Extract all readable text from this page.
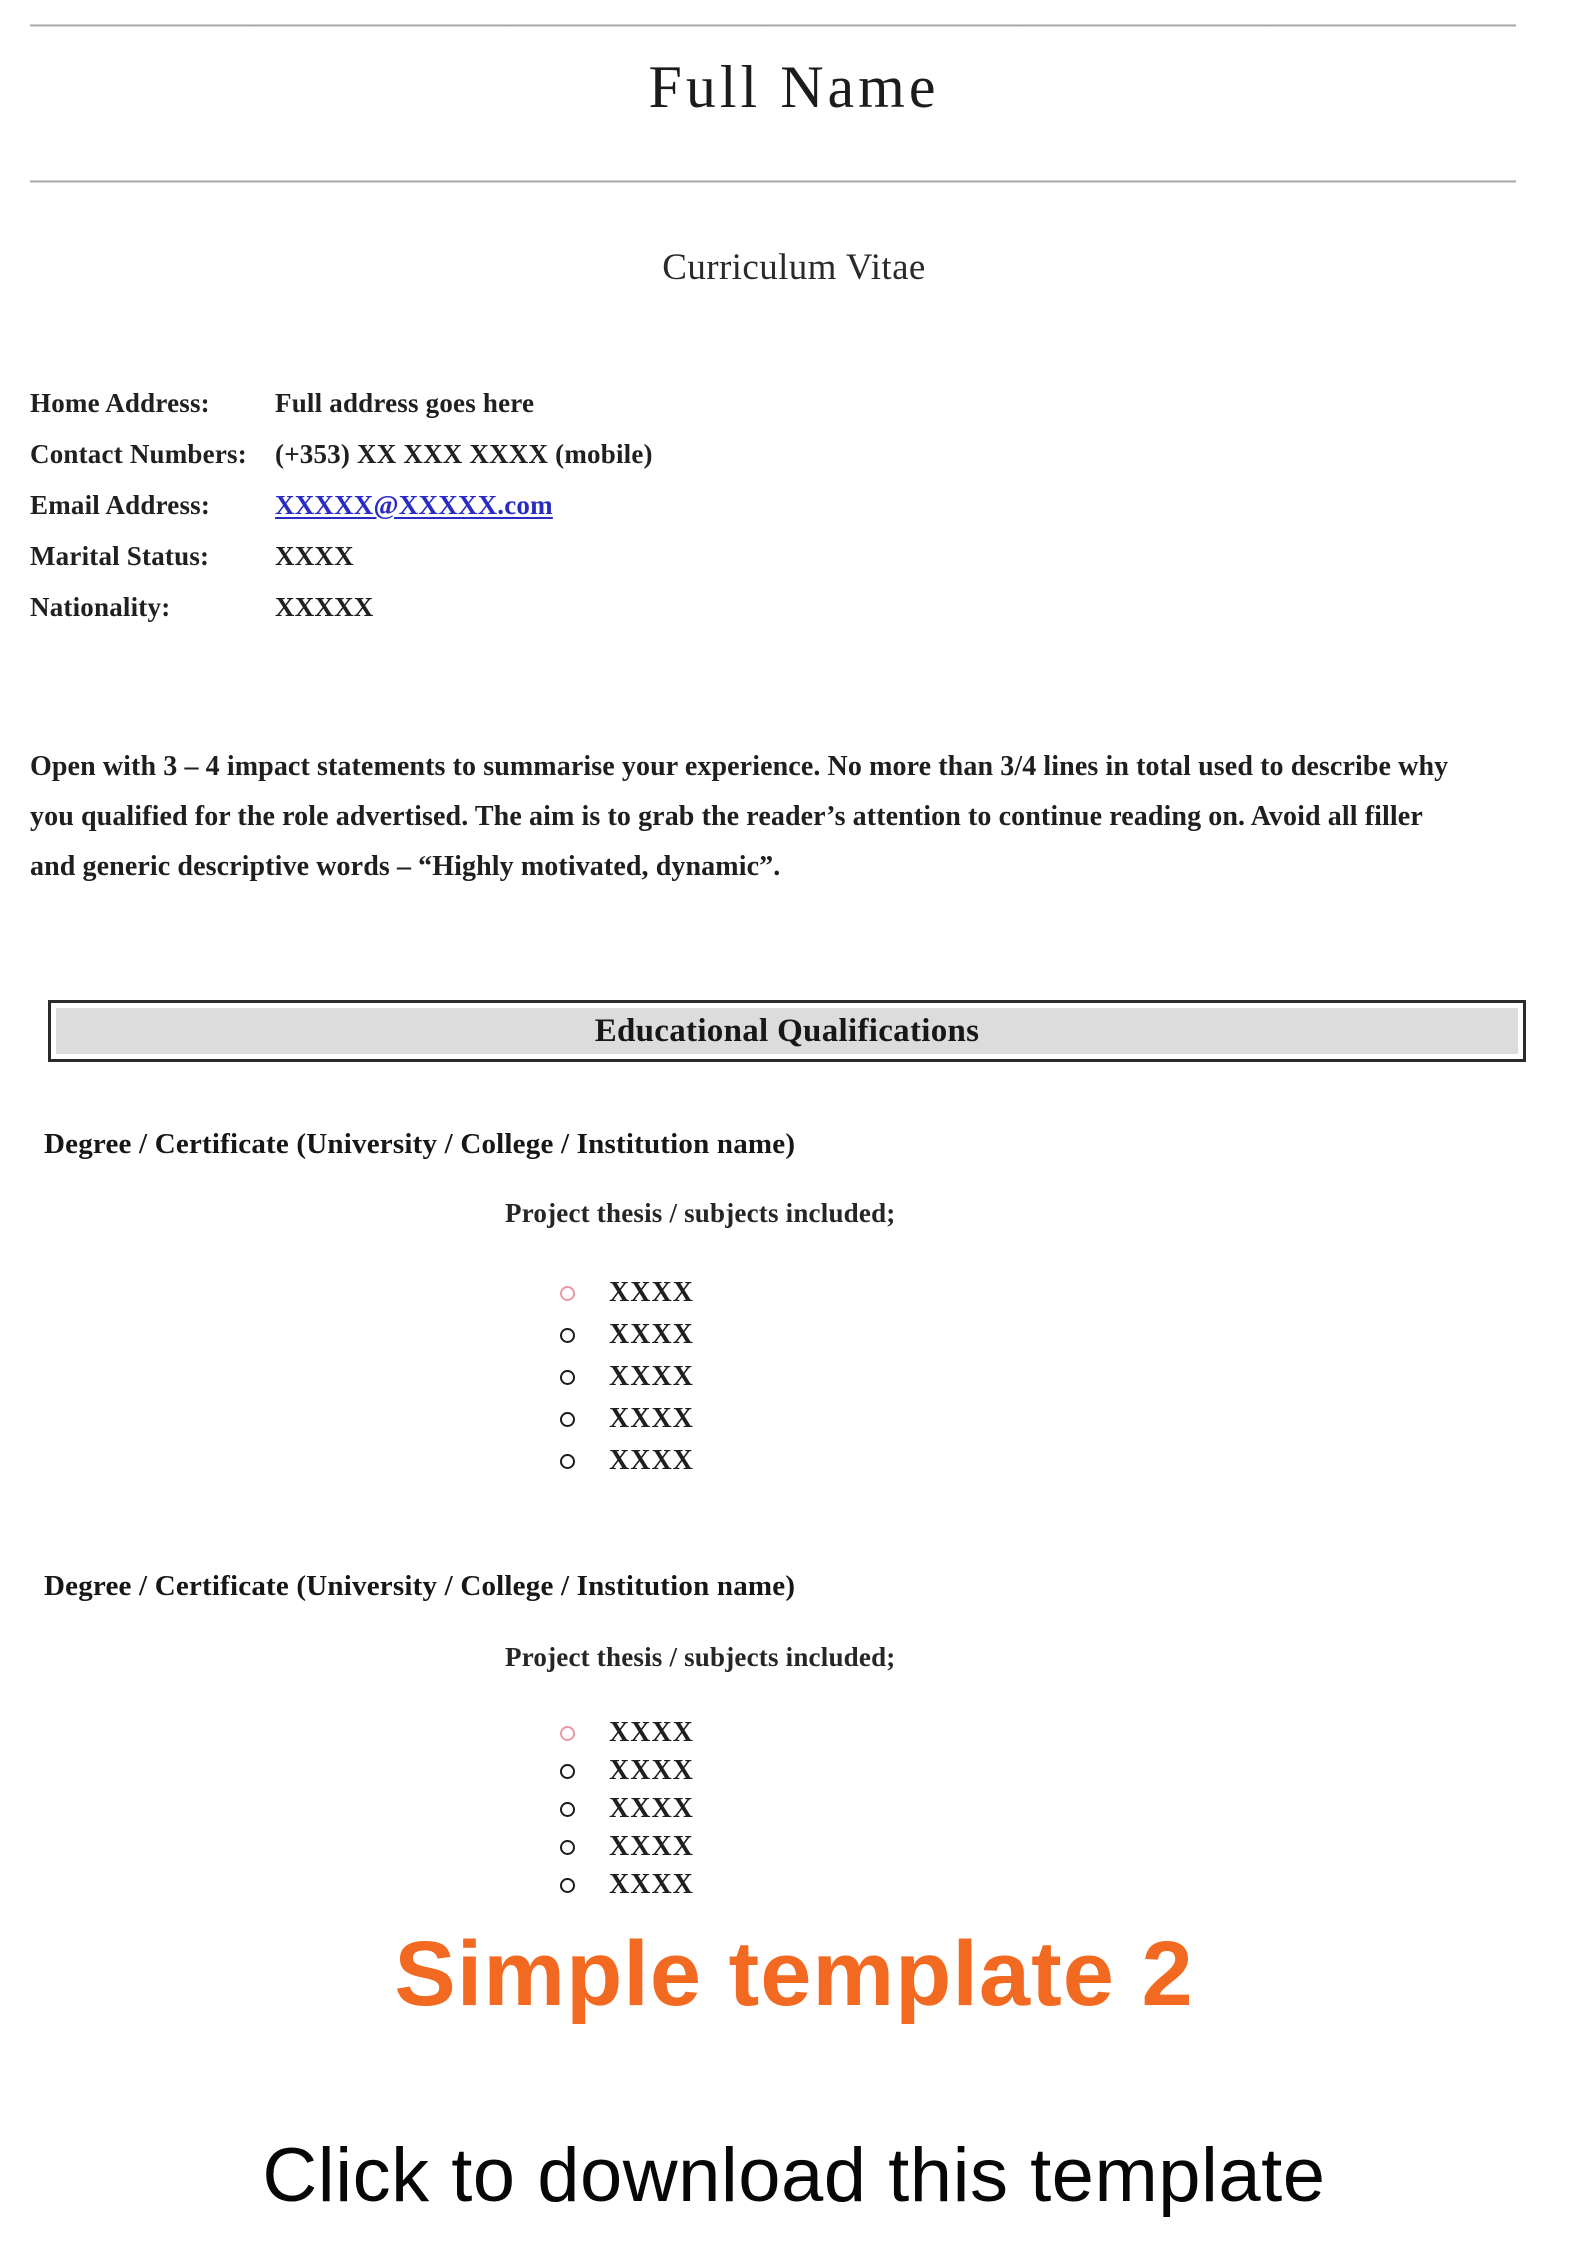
Full Name
Curriculum Vitae
Home Address:	Full address goes here
Contact Numbers:	(+353) XX XXX XXXX (mobile)
Email Address:	XXXXX@XXXXX.com
Marital Status:	XXXX
Nationality:	XXXXX
Open with 3 – 4 impact statements to summarise your experience. No more than 3/4 lines in total used to describe why you qualified for the role advertised. The aim is to grab the reader’s attention to continue reading on. Avoid all filler and generic descriptive words – “Highly motivated, dynamic”.
Educational Qualifications
Degree / Certificate (University / College / Institution name)
Project thesis / subjects included;
XXXX
XXXX
XXXX
XXXX
XXXX
Degree / Certificate (University / College / Institution name)
Project thesis / subjects included;
XXXX
XXXX
XXXX
XXXX
XXXX
Simple template 2
Click to download this template
